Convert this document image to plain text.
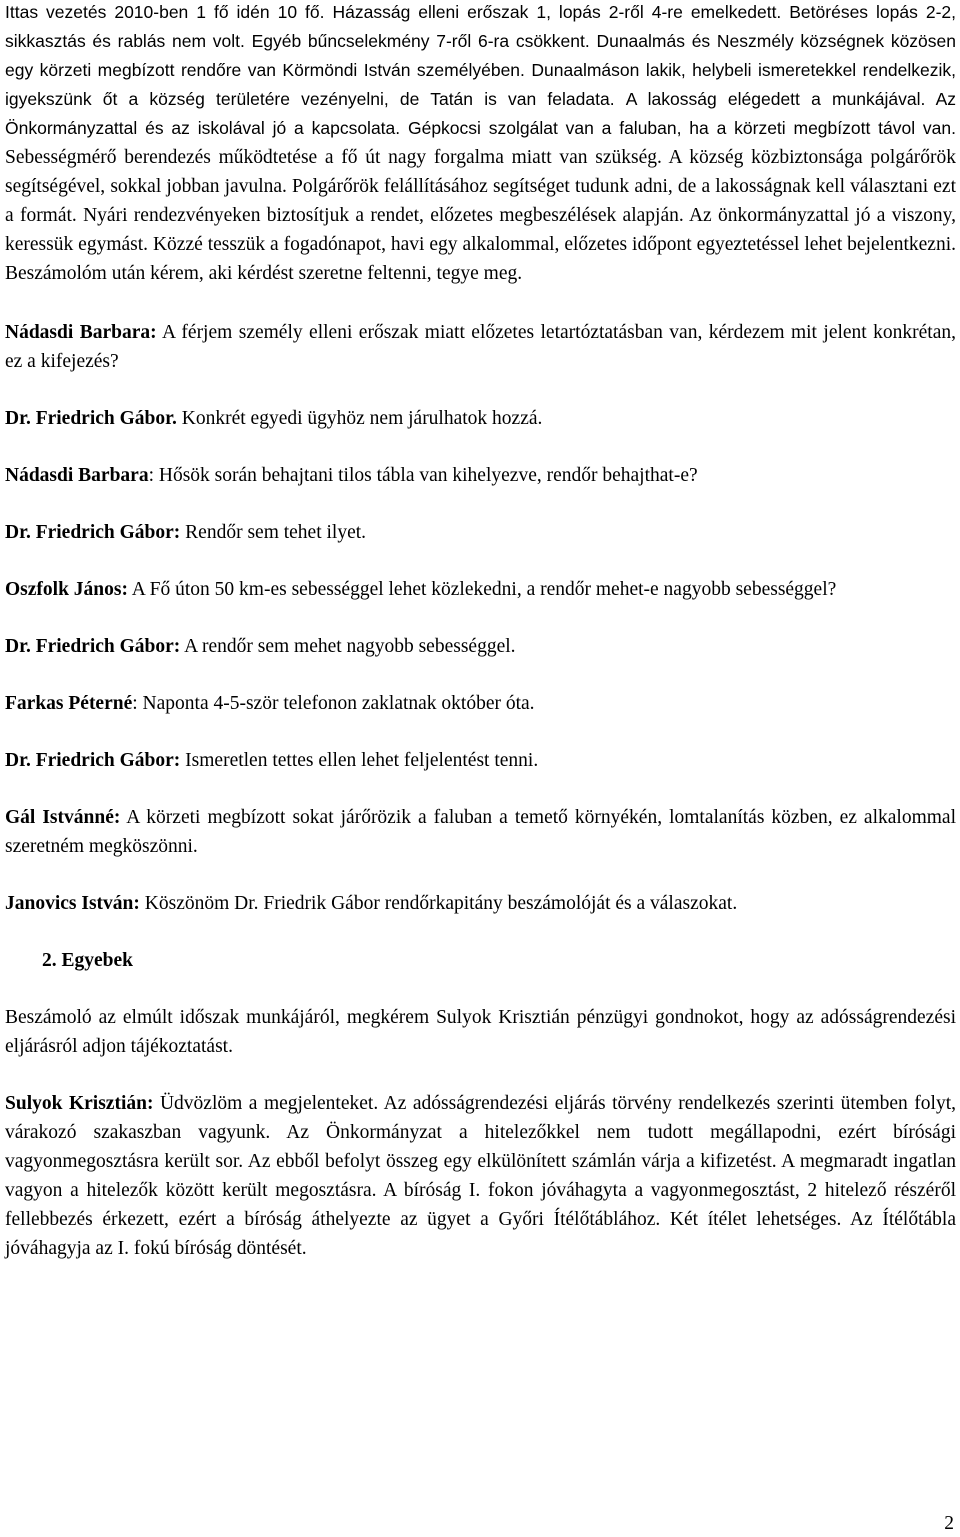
Ittas vezetés 2010-ben 1 fő idén 10 fő. Házasság elleni erőszak 1, lopás 2-ről 4-re emelkedett. Betöréses lopás 2-2, sikkasztás és rablás nem volt. Egyéb bűncselekmény 7-ről 6-ra csökkent. Dunaalmás és Neszmély községnek közösen egy körzeti megbízott rendőre van Körmöndi István személyében. Dunaalmáson lakik, helybeli ismeretekkel rendelkezik, igyekszünk őt a község területére vezényelni, de Tatán is van feladata. A lakosság elégedett a munkájával. Az Önkormányzattal és az iskolával jó a kapcsolata. Gépkocsi szolgálat van a faluban, ha a körzeti megbízott távol van. Sebességmérő berendezés működtetése a fő út nagy forgalma miatt van szükség. A község közbiztonsága polgárőrök segítségével, sokkal jobban javulna. Polgárőrök felállításához segítséget tudunk adni, de a lakosságnak kell választani ezt a formát. Nyári rendezvényeken biztosítjuk a rendet, előzetes megbeszélések alapján. Az önkormányzattal jó a viszony, keressük egymást. Közzé tesszük a fogadónapot, havi egy alkalommal, előzetes időpont egyeztetéssel lehet bejelentkezni. Beszámolóm után kérem, aki kérdést szeretne feltenni, tegye meg.

Nádasdi Barbara: A férjem személy elleni erőszak miatt előzetes letartóztatásban van, kérdezem mit jelent konkrétan, ez a kifejezés?

Dr. Friedrich Gábor. Konkrét egyedi ügyhöz nem járulhatok hozzá.

Nádasdi Barbara: Hősök során behajtani tilos tábla van kihelyezve, rendőr behajthat-e?

Dr. Friedrich Gábor: Rendőr sem tehet ilyet.

Oszfolk János: A Fő úton 50 km-es sebességgel lehet közlekedni, a rendőr mehet-e nagyobb sebességgel?

Dr. Friedrich Gábor: A rendőr sem mehet nagyobb sebességgel.

Farkas Péterné: Naponta 4-5-ször telefonon zaklatnak október óta.

Dr. Friedrich Gábor: Ismeretlen tettes ellen lehet feljelentést tenni.

Gál Istvánné: A körzeti megbízott sokat járőrözik a faluban a temető környékén, lomtalanítás közben, ez alkalommal szeretném megköszönni.

Janovics István: Köszönöm Dr. Friedrik Gábor rendőrkapitány beszámolóját és a válaszokat.

2. Egyebek

Beszámoló az elmúlt időszak munkájáról, megkérem Sulyok Krisztián pénzügyi gondnokot, hogy az adósságrendezési eljárásról adjon tájékoztatást.

Sulyok Krisztián: Üdvözlöm a megjelenteket. Az adósságrendezési eljárás törvény rendelkezés szerinti ütemben folyt, várakozó szakaszban vagyunk. Az Önkormányzat a hitelezőkkel nem tudott megállapodni, ezért bírósági vagyonmegosztásra került sor. Az ebből befolyt összeg egy elkülönített számlán várja a kifizetést. A megmaradt ingatlan vagyon a hitelezők között került megosztásra. A bíróság I. fokon jóváhagyta a vagyonmegosztást, 2 hitelező részéről fellebbezés érkezett, ezért a bíróság áthelyezte az ügyet a Győri Ítélőtáblához. Két ítélet lehetséges. Az Ítélőtábla jóváhagyja az I. fokú bíróság döntését.

2
